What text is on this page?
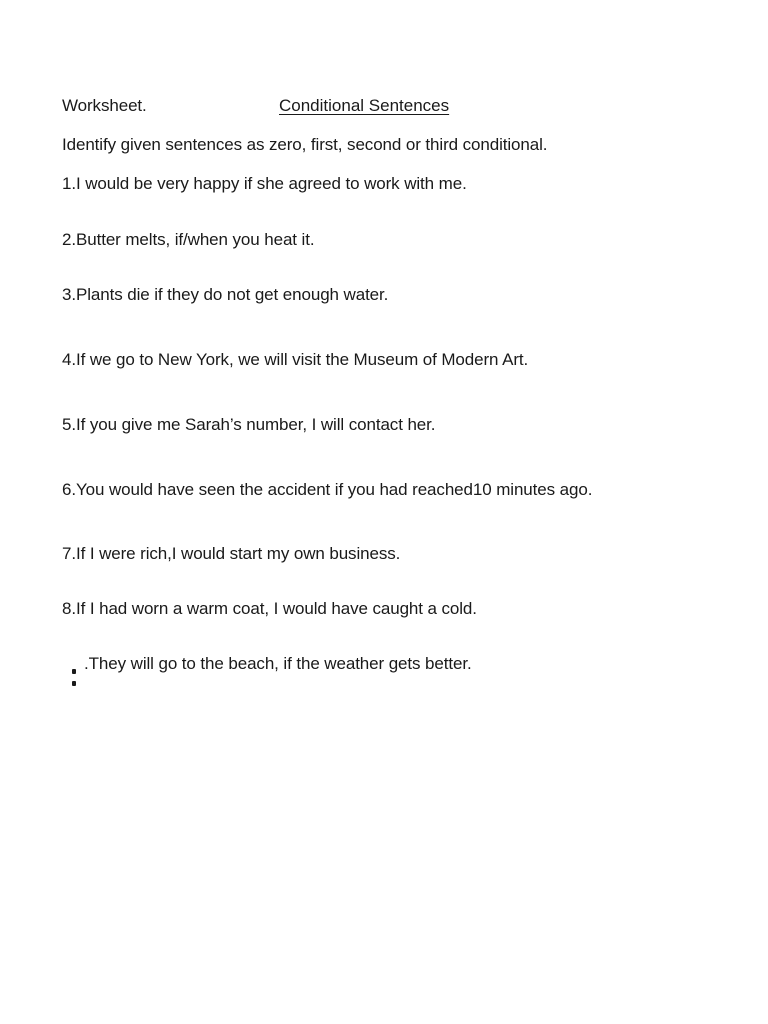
Worksheet.	Conditional Sentences
Identify given sentences as zero, first, second or third conditional.
1.I would be very happy if she agreed to work with me.
2.Butter melts, if/when you heat it.
3.Plants die if they do not get enough water.
4.If we go to New York, we will visit the Museum of Modern Art.
5.If you give me Sarah’s number, I will contact her.
6.You would have seen the accident if you had reached10 minutes ago.
7.If I were rich,I would start my own business.
8.If I had worn a warm coat, I would have caught a cold.
.They will go to the beach, if the weather gets better.
